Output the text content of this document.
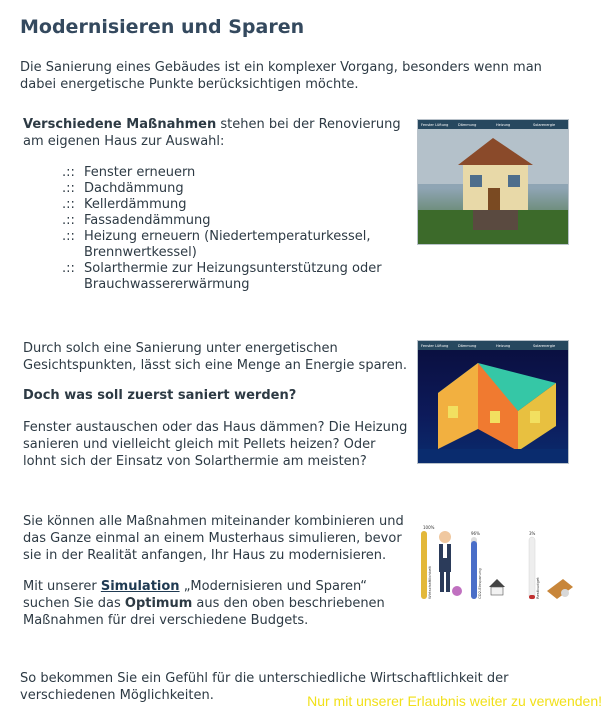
Modernisieren und Sparen

Die Sanierung eines Gebäudes ist ein komplexer Vorgang, besonders wenn man dabei energetische Punkte berücksichtigen möchte.

Verschiedene Maßnahmen stehen bei der Renovierung am eigenen Haus zur Auswahl:

.:: Fenster erneuern
.:: Dachdämmung
.:: Kellerdämmung
.:: Fassadendämmung
.:: Heizung erneuern (Niedertemperaturkessel, Brennwertkessel)
.:: Solarthermie zur Heizungsunterstützung oder Brauchwassererwärmung
Fenster Lüftung	Dämmung	Heizung	Solarenergie

Durch solch eine Sanierung unter energetischen Gesichtspunkten, lässt sich eine Menge an Energie sparen.

Doch was soll zuerst saniert werden?

Fenster austauschen oder das Haus dämmen? Die Heizung sanieren und vielleicht gleich mit Pellets heizen? Oder lohnt sich der Einsatz von Solarthermie am meisten?

Fenster Lüftung	Dämmung	Heizung	Solarenergie

Sie können alle Maßnahmen miteinander kombinieren und das Ganze einmal an einem Musterhaus simulieren, bevor sie in der Realität anfangen, Ihr Haus zu modernisieren.

Mit unserer Simulation „Modernisieren und Sparen“ suchen Sie das Optimum aus den oben beschriebenen Maßnahmen für drei verschiedene Budgets.

100%
Wirtschaftlichkeit
96%
CO2-Einsparung
3%
Restbudget

So bekommen Sie ein Gefühl für die unterschiedliche Wirtschaftlichkeit der verschiedenen Möglichkeiten.	Nur mit unserer Erlaubnis weiter zu verwenden!
